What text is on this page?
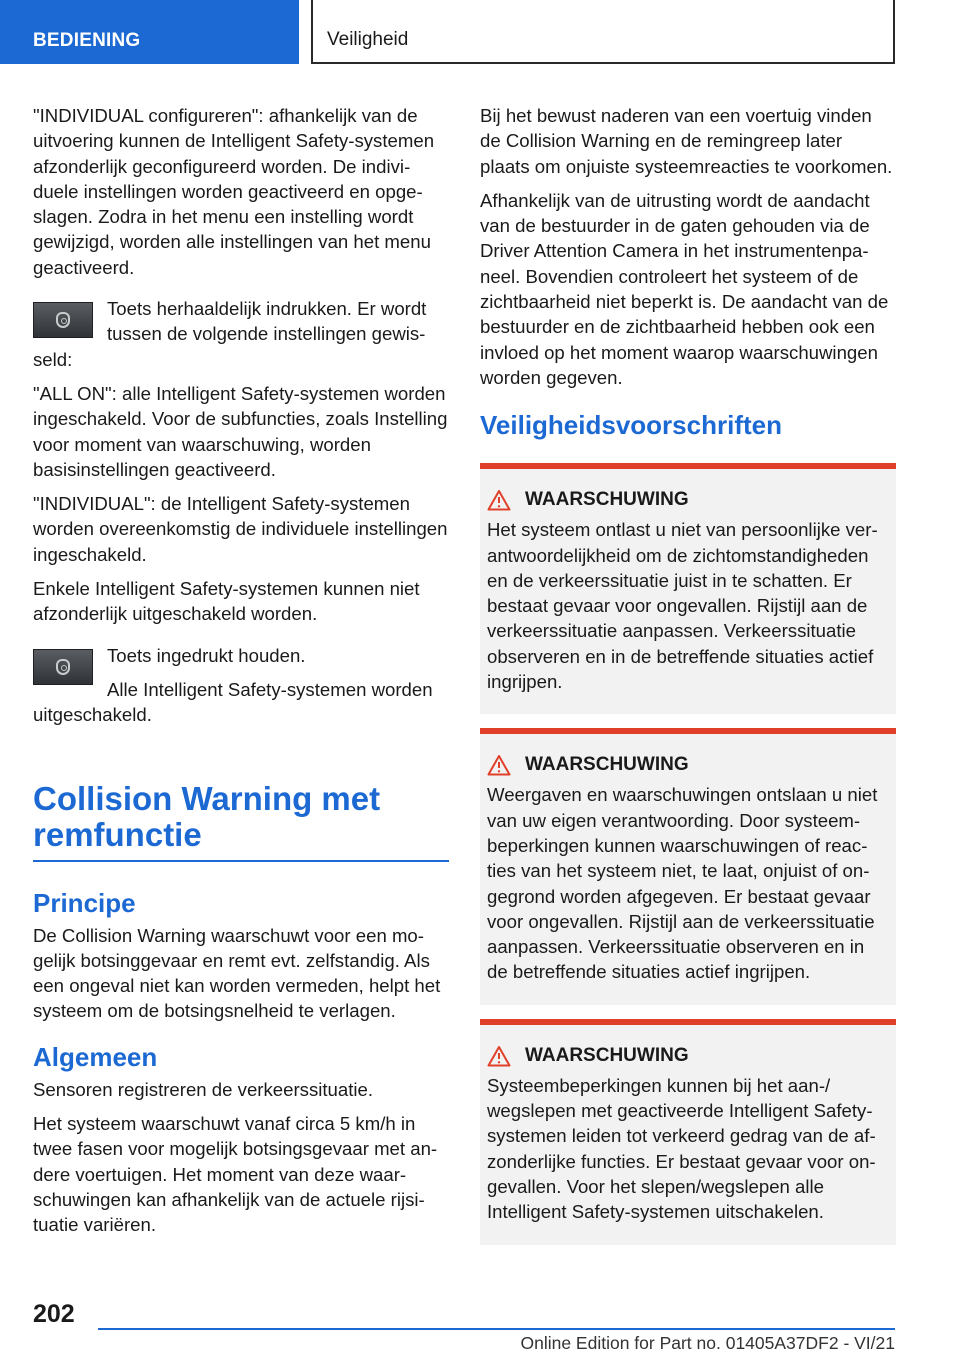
BEDIENING	Veiligheid

"INDIVIDUAL configureren": afhankelijk van de uitvoering kunnen de Intelligent Safety-systemen afzonderlijk geconfigureerd worden. De individuele instellingen worden geactiveerd en opgeslagen. Zodra in het menu een instelling wordt gewijzigd, worden alle instellingen van het menu geactiveerd.

Toets herhaaldelijk indrukken. Er wordt tussen de volgende instellingen gewisseld:

"ALL ON": alle Intelligent Safety-systemen worden ingeschakeld. Voor de subfuncties, zoals Instelling voor moment van waarschuwing, worden basisinstellingen geactiveerd.

"INDIVIDUAL": de Intelligent Safety-systemen worden overeenkomstig de individuele instellingen ingeschakeld.

Enkele Intelligent Safety-systemen kunnen niet afzonderlijk uitgeschakeld worden.

Toets ingedrukt houden.

Alle Intelligent Safety-systemen worden uitgeschakeld.

Collision Warning met remfunctie
Principe

De Collision Warning waarschuwt voor een mogelijk botsinggevaar en remt evt. zelfstandig. Als een ongeval niet kan worden vermeden, helpt het systeem om de botsingsnelheid te verlagen.

Algemeen

Sensoren registreren de verkeerssituatie.

Het systeem waarschuwt vanaf circa 5 km/h in twee fasen voor mogelijk botsingsgevaar met andere voertuigen. Het moment van deze waarschuwingen kan afhankelijk van de actuele rijsituatie variëren.

Bij het bewust naderen van een voertuig vinden de Collision Warning en de remingreep later plaats om onjuiste systeemreacties te voorkomen.

Afhankelijk van de uitrusting wordt de aandacht van de bestuurder in de gaten gehouden via de Driver Attention Camera in het instrumentenpaneel. Bovendien controleert het systeem of de zichtbaarheid niet beperkt is. De aandacht van de bestuurder en de zichtbaarheid hebben ook een invloed op het moment waarop waarschuwingen worden gegeven.

Veiligheidsvoorschriften
WAARSCHUWING

Het systeem ontlast u niet van persoonlijke verantwoordelijkheid om de zichtomstandigheden en de verkeerssituatie juist in te schatten. Er bestaat gevaar voor ongevallen. Rijstijl aan de verkeerssituatie aanpassen. Verkeerssituatie observeren en in de betreffende situaties actief ingrijpen.

WAARSCHUWING

Weergaven en waarschuwingen ontslaan u niet van uw eigen verantwoording. Door systeembeperkingen kunnen waarschuwingen of reacties van het systeem niet, te laat, onjuist of ongegrond worden afgegeven. Er bestaat gevaar voor ongevallen. Rijstijl aan de verkeerssituatie aanpassen. Verkeerssituatie observeren en in de betreffende situaties actief ingrijpen.

WAARSCHUWING

Systeembeperkingen kunnen bij het aan-/ wegslepen met geactiveerde Intelligent Safety-systemen leiden tot verkeerd gedrag van de afzonderlijke functies. Er bestaat gevaar voor ongevallen. Voor het slepen/wegslepen alle Intelligent Safety-systemen uitschakelen.

202
Online Edition for Part no. 01405A37DF2 - VI/21
